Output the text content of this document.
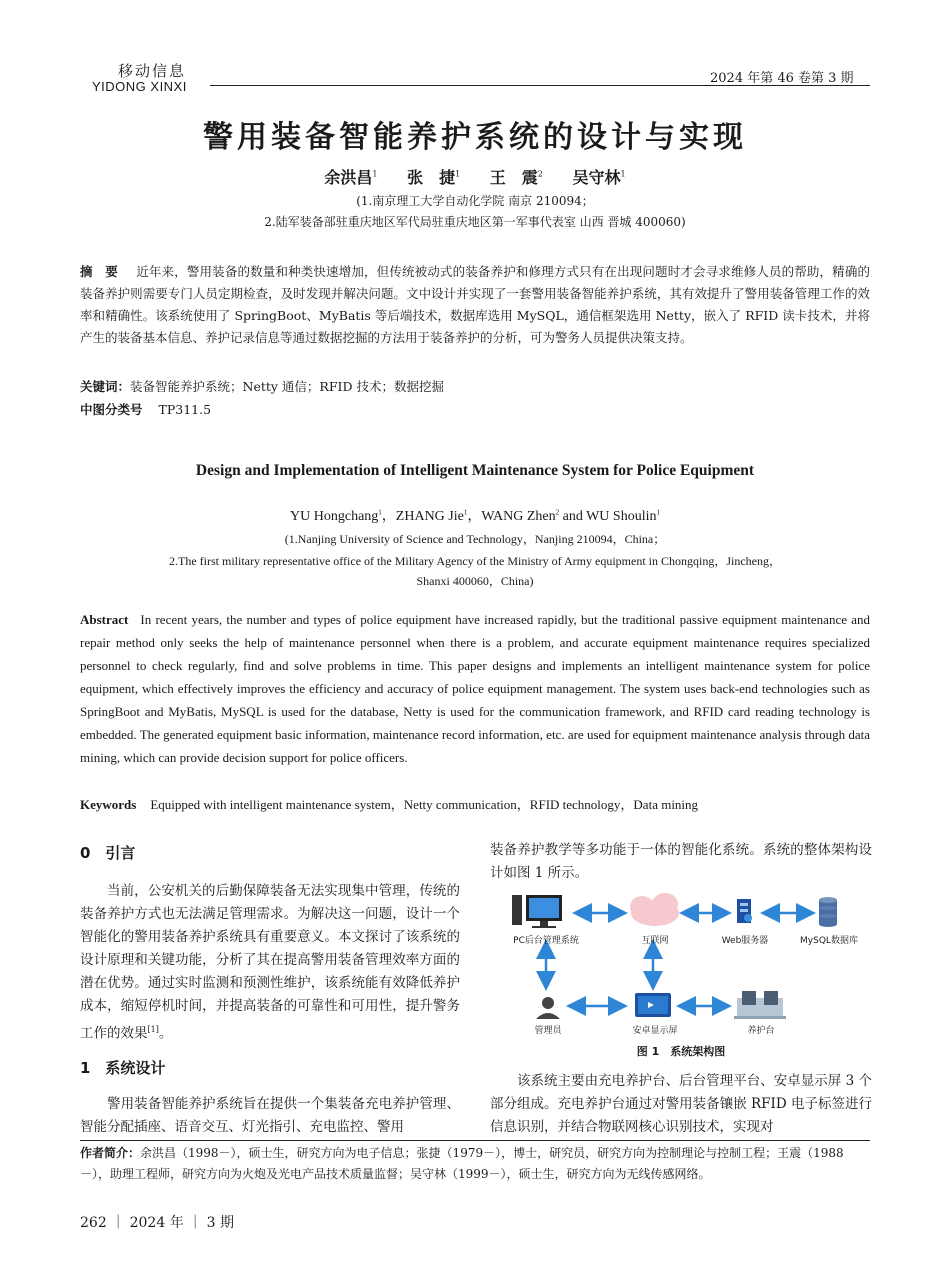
移动信息
YIDONG XINXI
2024 年第 46 卷第 3 期
警用装备智能养护系统的设计与实现
余洪昌$^1$ 张　捷$^1$ 王　震$^2$ 吴守林$^1$
(1.南京理工大学自动化学院 南京 210094；
2.陆军装备部驻重庆地区军代局驻重庆地区第一军事代表室 山西 晋城 400060)
摘　要 近年来，警用装备的数量和种类快速增加，但传统被动式的装备养护和修理方式只有在出现问题时才会寻求维修人员的帮助，精确的装备养护则需要专门人员定期检查，及时发现并解决问题。文中设计并实现了一套警用装备智能养护系统，其有效提升了警用装备管理工作的效率和精确性。该系统使用了 SpringBoot、MyBatis 等后端技术，数据库选用 MySQL，通信框架选用 Netty，嵌入了 RFID 读卡技术，并将产生的装备基本信息、养护记录信息等通过数据挖掘的方法用于装备养护的分析，可为警务人员提供决策支持。
关键词：装备智能养护系统；Netty 通信；RFID 技术；数据挖掘
中图分类号 TP311.5
Design and Implementation of Intelligent Maintenance System for Police Equipment
YU Hongchang$^1$，ZHANG Jie$^1$，WANG Zhen$^2$ and WU Shoulin$^1$
(1.Nanjing University of Science and Technology，Nanjing 210094，China；
2.The first military representative office of the Military Agency of the Ministry of Army equipment in Chongqing，Jincheng，
Shanxi 400060，China)
Abstract In recent years, the number and types of police equipment have increased rapidly, but the traditional passive equipment maintenance and repair method only seeks the help of maintenance personnel when there is a problem, and accurate equipment maintenance requires specialized personnel to check regularly, find and solve problems in time. This paper designs and implements an intelligent maintenance system for police equipment, which effectively improves the efficiency and accuracy of police equipment management. The system uses back-end technologies such as SpringBoot and MyBatis, MySQL is used for the database, Netty is used for the communication framework, and RFID card reading technology is embedded. The generated equipment basic information, maintenance record information, etc. are used for equipment maintenance analysis through data mining, which can provide decision support for police officers.
Keywords Equipped with intelligent maintenance system，Netty communication，RFID technology，Data mining
0　引言
当前，公安机关的后勤保障装备无法实现集中管理，传统的装备养护方式也无法满足管理需求。为解决这一问题，设计一个智能化的警用装备养护系统具有重要意义。本文探讨了该系统的设计原理和关键功能，分析了其在提高警用装备管理效率方面的潜在优势。通过实时监测和预测性维护，该系统能有效降低养护成本，缩短停机时间，并提高装备的可靠性和可用性，提升警务工作的效果[1]。
1　系统设计
警用装备智能养护系统旨在提供一个集装备充电养护管理、智能分配插座、语音交互、灯光指引、充电监控、警用
装备养护教学等多功能于一体的智能化系统。系统的整体架构设计如图 1 所示。
PC后台管理系统	互联网	Web服务器	MySQL数据库
管理员	安卓显示屏	养护台
图 1　系统架构图
该系统主要由充电养护台、后台管理平台、安卓显示屏 3 个部分组成。充电养护台通过对警用装备镶嵌 RFID 电子标签进行信息识别，并结合物联网核心识别技术，实现对
作者简介：余洪昌（1998－），硕士生，研究方向为电子信息；张捷（1979－），博士，研究员，研究方向为控制理论与控制工程；王震（1988－），助理工程师，研究方向为火炮及光电产品技术质量监督；吴守林（1999－），硕士生，研究方向为无线传感网络。
262 ｜ 2024 年 ｜ 3 期
